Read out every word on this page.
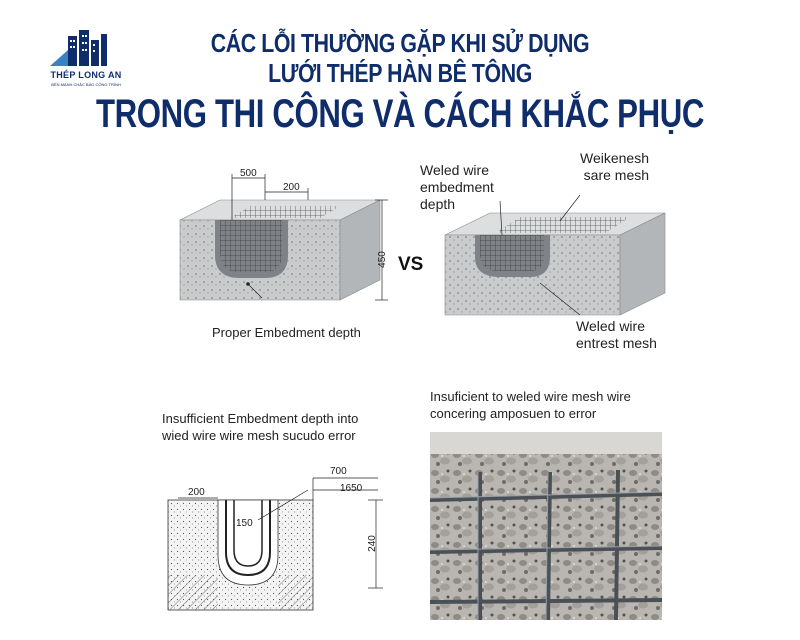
THÉP LONG AN
BỀN MẠNH CHẮC BẢO CÔNG TRÌNH
CÁC LỖI THƯỜNG GẶP KHI SỬ DỤNG
LƯỚI THÉP HÀN BÊ TÔNG
TRONG THI CÔNG VÀ CÁCH KHẮC PHỤC
500
200
450
Proper Embedment depth
VS
Weled wire
embedment
depth
Weikenesh
sare mesh
Weled wire
entrest mesh
Insufficient Embedment depth into
wied wire wire mesh sucudo error
700
1650
200
150
240
Insuficient to weled wire mesh wire
concering amposuen to error
